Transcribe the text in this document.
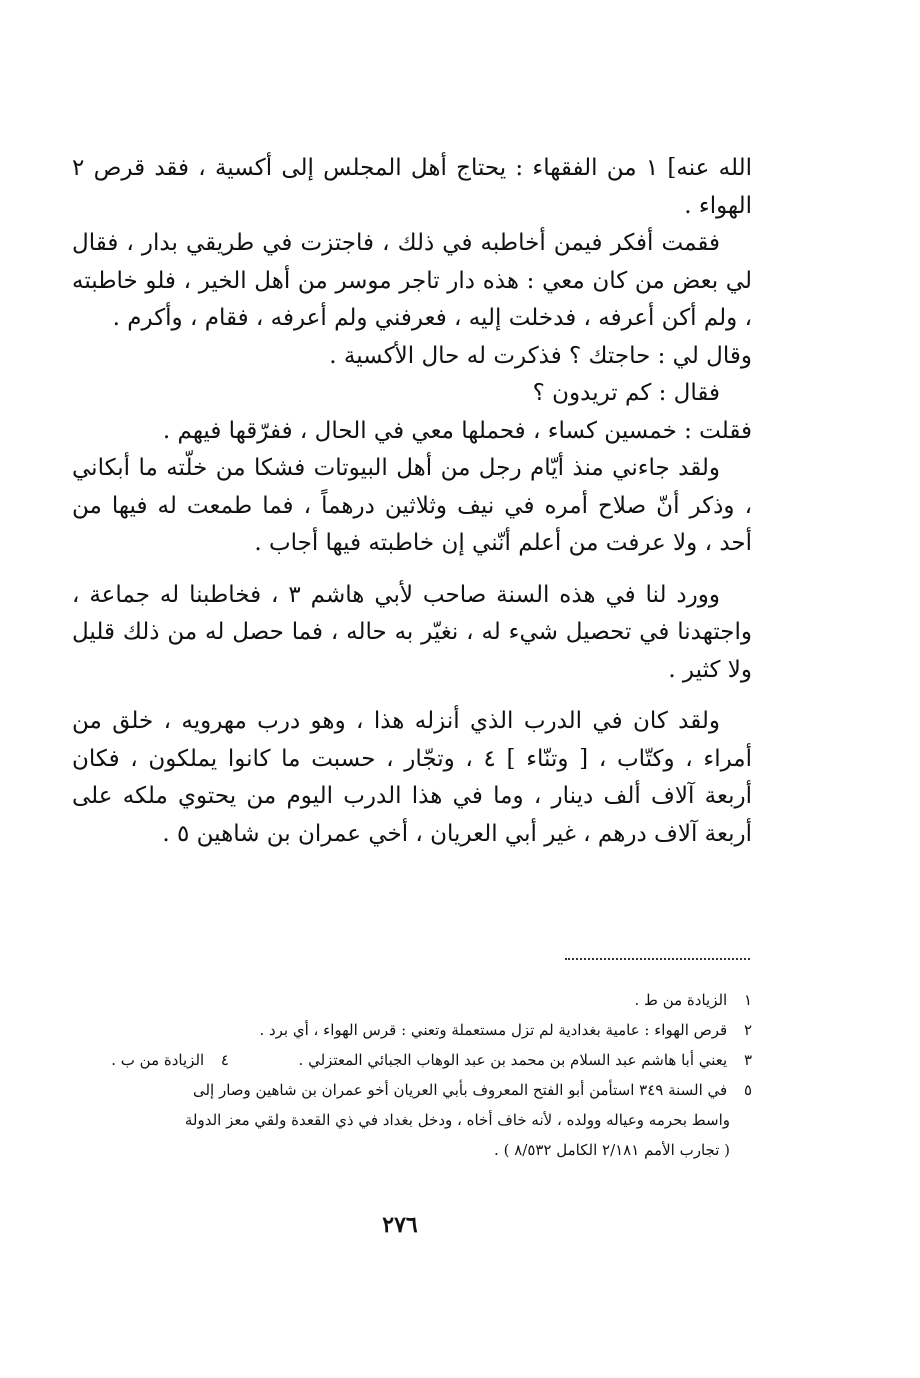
الله عنه] ١ من الفقهاء : يحتاج أهل المجلس إلى أكسية ، فقد قرص ٢ الهواء .

فقمت أفكر فيمن أخاطبه في ذلك ، فاجتزت في طريقي بدار ، فقال لي بعض من كان معي : هذه دار تاجر موسر من أهل الخير ، فلو خاطبته ، ولم أكن أعرفه ، فدخلت إليه ، فعرفني ولم أعرفه ، فقام ، وأكرم .

وقال لي : حاجتك ؟ فذكرت له حال الأكسية .

فقال : كم تريدون ؟

فقلت : خمسين كساء ، فحملها معي في الحال ، ففرّقها فيهم .

ولقد جاءني منذ أيّام رجل من أهل البيوتات فشكا من خلّته ما أبكاني ، وذكر أنّ صلاح أمره في نيف وثلاثين درهماً ، فما طمعت له فيها من أحد ، ولا عرفت من أعلم أنّني إن خاطبته فيها أجاب .

وورد لنا في هذه السنة صاحب لأبي هاشم ٣ ، فخاطبنا له جماعة ، واجتهدنا في تحصيل شيء له ، نغيّر به حاله ، فما حصل له من ذلك قليل ولا كثير .

ولقد كان في الدرب الذي أنزله هذا ، وهو درب مهرويه ، خلق من أمراء ، وكتّاب ، [ وتنّاء ] ٤ ، وتجّار ، حسبت ما كانوا يملكون ، فكان أربعة آلاف ألف دينار ، وما في هذا الدرب اليوم من يحتوي ملكه على أربعة آلاف درهم ، غير أبي العريان ، أخي عمران بن شاهين ٥ .

١ الزيادة من ط .

٢ قرص الهواء : عامية بغدادية لم تزل مستعملة وتعني : قرس الهواء ، أي برد .

٣ يعني أبا هاشم عبد السلام بن محمد بن عبد الوهاب الجبائي المعتزلي .  ٤ الزيادة من ب .

٥ في السنة ٣٤٩ استأمن أبو الفتح المعروف بأبي العريان أخو عمران بن شاهين وصار إلى

واسط بحرمه وعياله وولده ، لأنه خاف أخاه ، ودخل بغداد في ذي القعدة ولقي معز الدولة

( تجارب الأمم ٢/١٨١ الكامل ٨/٥٣٢ ) .

٢٧٦
